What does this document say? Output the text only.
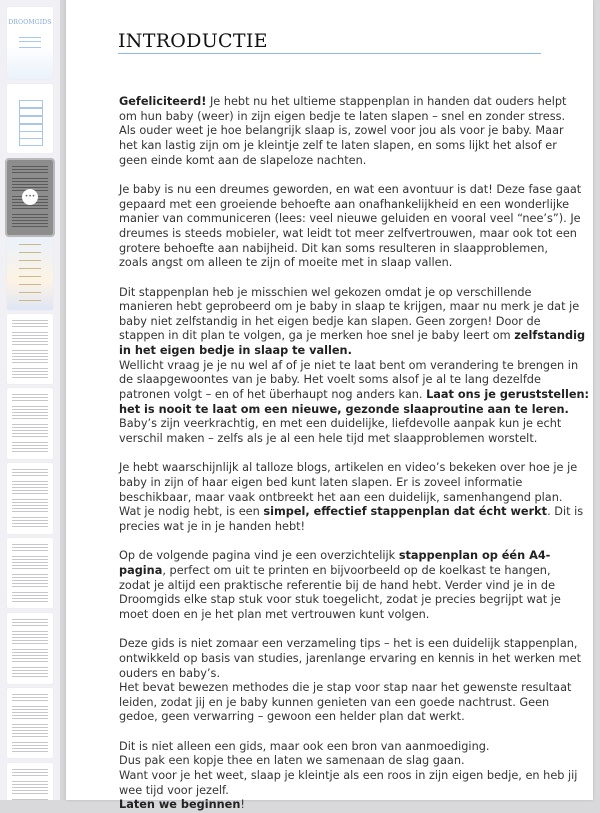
DROOMGIDS
•••
INTRODUCTIE
Gefeliciteerd! Je hebt nu het ultieme stappenplan in handen dat ouders helpt
om hun baby (weer) in zijn eigen bedje te laten slapen – snel en zonder stress.
Als ouder weet je hoe belangrijk slaap is, zowel voor jou als voor je baby. Maar
het kan lastig zijn om je kleintje zelf te laten slapen, en soms lijkt het alsof er
geen einde komt aan de slapeloze nachten.
Je baby is nu een dreumes geworden, en wat een avontuur is dat! Deze fase gaat
gepaard met een groeiende behoefte aan onafhankelijkheid en een wonderlijke
manier van communiceren (lees: veel nieuwe geluiden en vooral veel “nee’s”). Je
dreumes is steeds mobieler, wat leidt tot meer zelfvertrouwen, maar ook tot een
grotere behoefte aan nabijheid. Dit kan soms resulteren in slaapproblemen,
zoals angst om alleen te zijn of moeite met in slaap vallen.
Dit stappenplan heb je misschien wel gekozen omdat je op verschillende
manieren hebt geprobeerd om je baby in slaap te krijgen, maar nu merk je dat je
baby niet zelfstandig in het eigen bedje kan slapen. Geen zorgen! Door de
stappen in dit plan te volgen, ga je merken hoe snel je baby leert om zelfstandig
in het eigen bedje in slaap te vallen.
Wellicht vraag je je nu wel af of je niet te laat bent om verandering te brengen in
de slaapgewoontes van je baby. Het voelt soms alsof je al te lang dezelfde
patronen volgt – en of het überhaupt nog anders kan. Laat ons je geruststellen:
het is nooit te laat om een nieuwe, gezonde slaaproutine aan te leren.
Baby’s zijn veerkrachtig, en met een duidelijke, liefdevolle aanpak kun je echt
verschil maken – zelfs als je al een hele tijd met slaapproblemen worstelt.
Je hebt waarschijnlijk al talloze blogs, artikelen en video’s bekeken over hoe je je
baby in zijn of haar eigen bed kunt laten slapen. Er is zoveel informatie
beschikbaar, maar vaak ontbreekt het aan een duidelijk, samenhangend plan.
Wat je nodig hebt, is een simpel, effectief stappenplan dat écht werkt. Dit is
precies wat je in je handen hebt!
Op de volgende pagina vind je een overzichtelijk stappenplan op één A4-
pagina, perfect om uit te printen en bijvoorbeeld op de koelkast te hangen,
zodat je altijd een praktische referentie bij de hand hebt. Verder vind je in de
Droomgids elke stap stuk voor stuk toegelicht, zodat je precies begrijpt wat je
moet doen en je het plan met vertrouwen kunt volgen.
Deze gids is niet zomaar een verzameling tips – het is een duidelijk stappenplan,
ontwikkeld op basis van studies, jarenlange ervaring en kennis in het werken met
ouders en baby’s.
Het bevat bewezen methodes die je stap voor stap naar het gewenste resultaat
leiden, zodat jij en je baby kunnen genieten van een goede nachtrust. Geen
gedoe, geen verwarring – gewoon een helder plan dat werkt.
Dit is niet alleen een gids, maar ook een bron van aanmoediging.
Dus pak een kopje thee en laten we samenaan de slag gaan.
Want voor je het weet, slaap je kleintje als een roos in zijn eigen bedje, en heb jij
wee tijd voor jezelf.
Laten we beginnen!
